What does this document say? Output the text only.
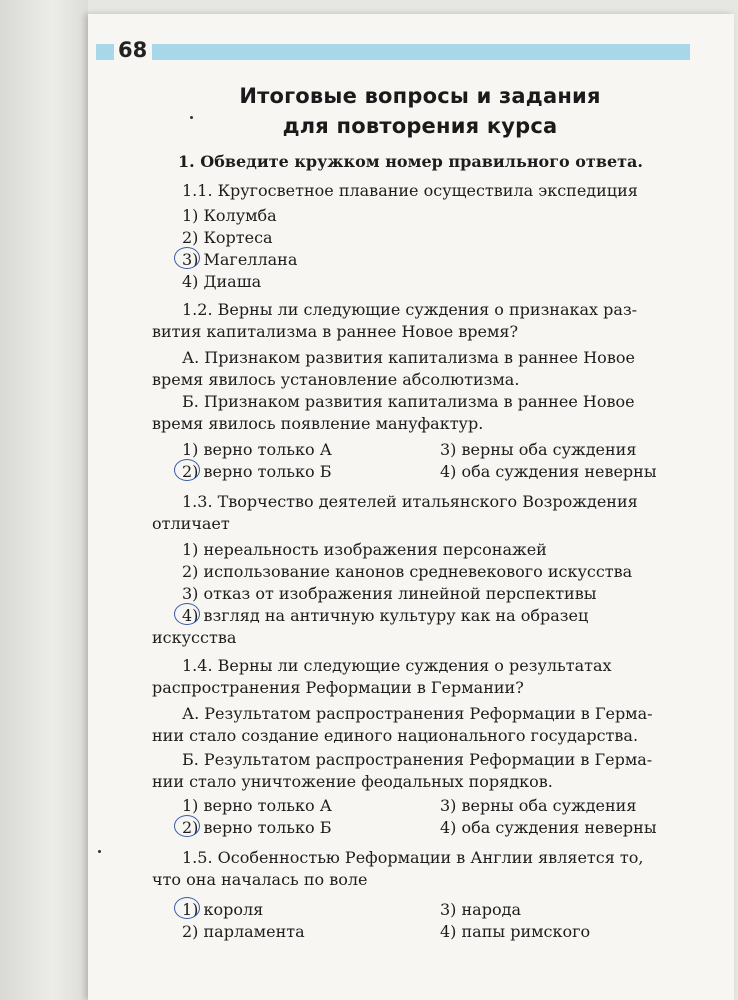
68
Итоговые вопросы и задания
для повторения курса
1. Обведите кружком номер правильного ответа.
1.1. Кругосветное плавание осуществила экспедиция
1) Колумба
2) Кортеса
3) Магеллана
4) Диаша
1.2. Верны ли следующие суждения о признаках раз-
вития капитализма в раннее Новое время?
А. Признаком развития капитализма в раннее Новое
время явилось установление абсолютизма.
Б. Признаком развития капитализма в раннее Новое
время явилось появление мануфактур.
1) верно только А	3) верны оба суждения
2) верно только Б	4) оба суждения неверны
1.3. Творчество деятелей итальянского Возрождения
отличает
1) нереальность изображения персонажей
2) использование канонов средневекового искусства
3) отказ от изображения линейной перспективы
4) взгляд на античную культуру как на образец
искусства
1.4. Верны ли следующие суждения о результатах
распространения Реформации в Германии?
А. Результатом распространения Реформации в Герма-
нии стало создание единого национального государства.
Б. Результатом распространения Реформации в Герма-
нии стало уничтожение феодальных порядков.
1) верно только А	3) верны оба суждения
2) верно только Б	4) оба суждения неверны
1.5. Особенностью Реформации в Англии является то,
что она началась по воле
1) короля	3) народа
2) парламента	4) папы римского
